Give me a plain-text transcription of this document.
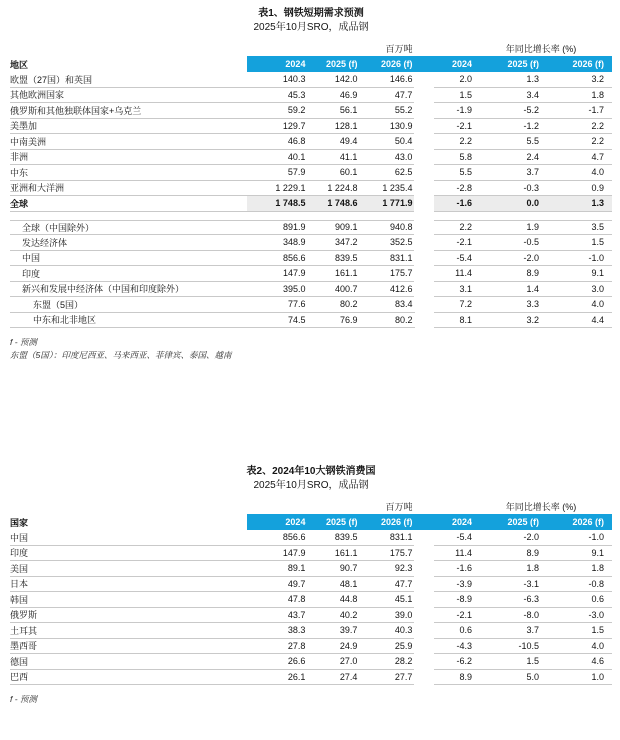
表1、钢铁短期需求预测
2025年10月SRO，成品钢
百万吨	年同比增长率 (%)
地区	2024	2025 (f)	2026 (f)	2024	2025 (f)	2026 (f)
欧盟（27国）和英国	140.3	142.0	146.6	2.0	1.3	3.2
其他欧洲国家	45.3	46.9	47.7	1.5	3.4	1.8
俄罗斯和其他独联体国家+乌克兰	59.2	56.1	55.2	-1.9	-5.2	-1.7
美墨加	129.7	128.1	130.9	-2.1	-1.2	2.2
中南美洲	46.8	49.4	50.4	2.2	5.5	2.2
非洲	40.1	41.1	43.0	5.8	2.4	4.7
中东	57.9	60.1	62.5	5.5	3.7	4.0
亚洲和大洋洲	1 229.1	1 224.8	1 235.4	-2.8	-0.3	0.9
全球	1 748.5	1 748.6	1 771.9	-1.6	0.0	1.3
全球（中国除外）	891.9	909.1	940.8	2.2	1.9	3.5
发达经济体	348.9	347.2	352.5	-2.1	-0.5	1.5
中国	856.6	839.5	831.1	-5.4	-2.0	-1.0
印度	147.9	161.1	175.7	11.4	8.9	9.1
新兴和发展中经济体（中国和印度除外）	395.0	400.7	412.6	3.1	1.4	3.0
东盟（5国）	77.6	80.2	83.4	7.2	3.3	4.0
中东和北非地区	74.5	76.9	80.2	8.1	3.2	4.4
f - 预测
东盟（5国）：印度尼西亚、马来西亚、菲律宾、泰国、越南
表2、2024年10大钢铁消费国
2025年10月SRO，成品钢
百万吨	年同比增长率 (%)
国家	2024	2025 (f)	2026 (f)	2024	2025 (f)	2026 (f)
中国	856.6	839.5	831.1	-5.4	-2.0	-1.0
印度	147.9	161.1	175.7	11.4	8.9	9.1
美国	89.1	90.7	92.3	-1.6	1.8	1.8
日本	49.7	48.1	47.7	-3.9	-3.1	-0.8
韩国	47.8	44.8	45.1	-8.9	-6.3	0.6
俄罗斯	43.7	40.2	39.0	-2.1	-8.0	-3.0
土耳其	38.3	39.7	40.3	0.6	3.7	1.5
墨西哥	27.8	24.9	25.9	-4.3	-10.5	4.0
德国	26.6	27.0	28.2	-6.2	1.5	4.6
巴西	26.1	27.4	27.7	8.9	5.0	1.0
f - 预测
